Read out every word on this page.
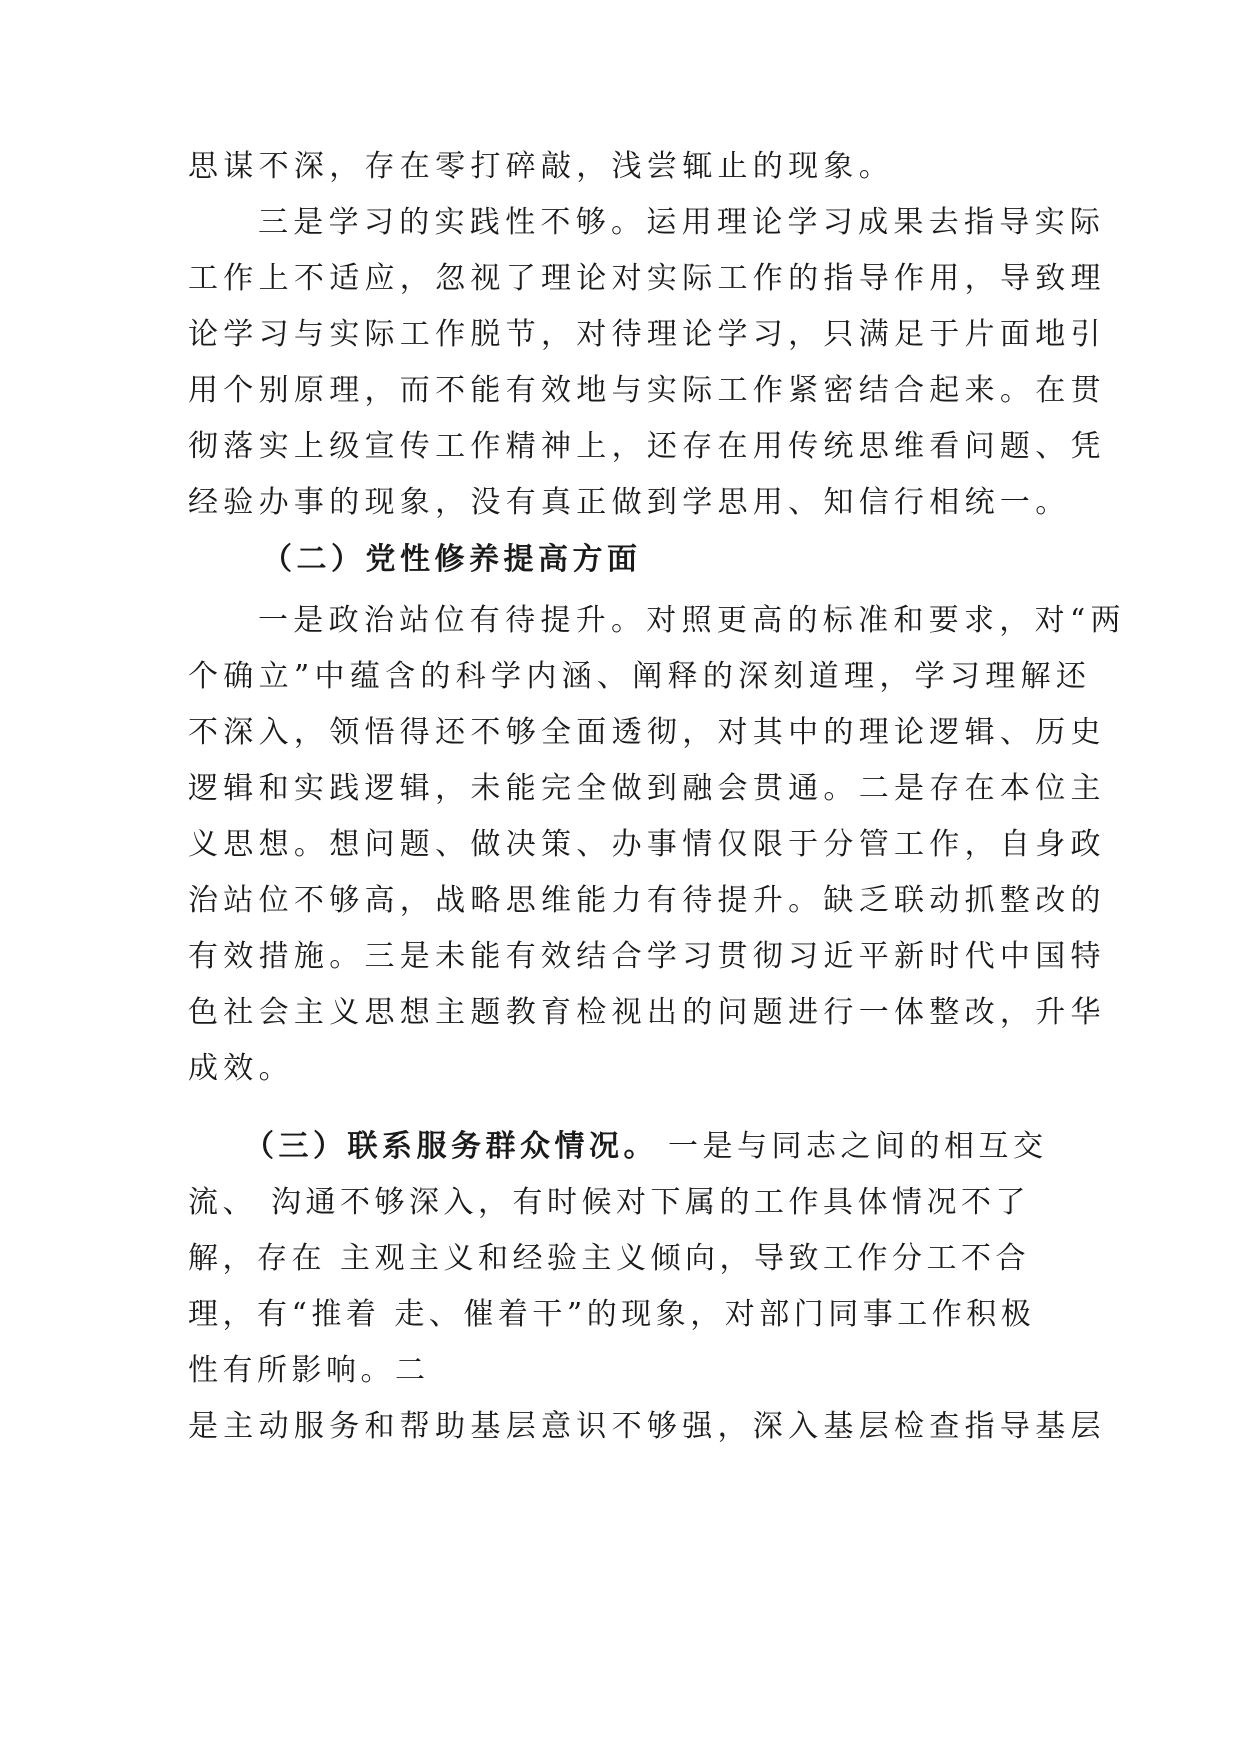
思谋不深，存在零打碎敲，浅尝辄止的现象。
三是学习的实践性不够。运用理论学习成果去指导实际
工作上不适应，忽视了理论对实际工作的指导作用，导致理
论学习与实际工作脱节，对待理论学习，只满足于片面地引
用个别原理，而不能有效地与实际工作紧密结合起来。在贯
彻落实上级宣传工作精神上，还存在用传统思维看问题、凭
经验办事的现象，没有真正做到学思用、知信行相统一。
（二）党性修养提高方面
一是政治站位有待提升。对照更高的标准和要求，对“两
个确立”中蕴含的科学内涵、阐释的深刻道理，学习理解还
不深入，领悟得还不够全面透彻，对其中的理论逻辑、历史
逻辑和实践逻辑，未能完全做到融会贯通。二是存在本位主
义思想。想问题、做决策、办事情仅限于分管工作，自身政
治站位不够高，战略思维能力有待提升。缺乏联动抓整改的
有效措施。三是未能有效结合学习贯彻习近平新时代中国特
色社会主义思想主题教育检视出的问题进行一体整改，升华
成效。
（三）联系服务群众情况。 一是与同志之间的相互交
流、 沟通不够深入，有时候对下属的工作具体情况不了
解，存在 主观主义和经验主义倾向，导致工作分工不合
理，有“推着 走、催着干”的现象，对部门同事工作积极
性有所影响。二
是主动服务和帮助基层意识不够强，深入基层检查指导基层
